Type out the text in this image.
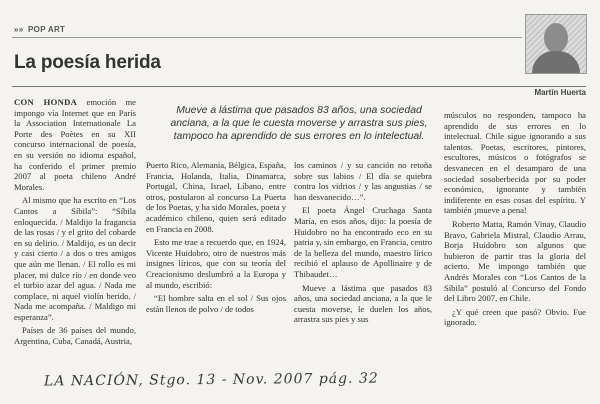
»» POP ART
La poesía herida
Martín Huerta

CON HONDA emoción me impongo vía Internet que en París la Association Internationale La Porte des Poètes en su XII concurso internacional de poesía, en su versión no idioma español, ha conferido el primer premio 2007 al poeta chileno André Morales.

Al mismo que ha escrito en “Los Cantos a Síbila”: “Síbila enloquecida. / Maldijo la fragancia de las rosas / y el grito del cobarde en su delirio. / Maldijo, es un decir y casi cierto / a dos o tres amigos que aún me llenan. / El rollo es mi placer, mi dulce río / en donde veo el turbio azar del agua. / Nada me complace, ni aquel violín herido. / Nada me acompaña. / Maldigo mi esperanza”.

Países de 36 países del mundo, Argentina, Cuba, Canadá, Austria,

Mueve a lástima que pasados 83 años, una sociedad anciana, a la que le cuesta moverse y arrastra sus pies, tampoco ha aprendido de sus errores en lo intelectual.

Puerto Rico, Alemania, Bélgica, España, Francia, Holanda, Italia, Dinamarca, Portugal, China, Israel, Líbano, entre otros, postularon al concurso La Puerta de los Poetas, y ha sido Morales, poeta y académico chileno, quien será editado en Francia en 2008.

Esto me trae a recuerdo que, en 1924, Vicente Huidobro, otro de nuestros más insignes líricos, que con su teoría del Creacionismo deslumbró a la Europa y al mundo, escribió:

“El hombre salta en el sol / Sus ojos están llenos de polvo / de todos

los caminos / y su canción no retoña sobre sus labios / El día se quiebra contra los vidrios / y las angustias / se han desvanecido…”.

El poeta Ángel Cruchaga Santa María, en esos años, dijo: la poesía de Huidobro no ha encontrado eco en su patria y, sin embargo, en Francia, centro de la belleza del mundo, maestro lírico recibió el aplauso de Apollinaire y de Thibaudet…

Mueve a lástima que pasados 83 años, una sociedad anciana, a la que le cuesta moverse, le duelen los años, arrastra sus pies y sus

músculos no responden, tampoco ha aprendido de sus errores en lo intelectual. Chile sigue ignorando a sus talentos. Poetas, escritores, pintores, escultores, músicos o fotógrafos se desvanecen en el desamparo de una sociedad sosoberbecida por su poder económico, ignorante y también indiferente en esas cosas del espíritu. Y también ¡mueve a pena!

Roberto Matta, Ramón Vinay, Claudio Bravo, Gabriela Mistral, Claudio Arrau, Borja Huidobro son algunos que hubieron de partir tras la gloria del acierto. Me impongo también que Andrés Morales con “Los Cantos de la Síbila” postuló al Concurso del Fondo del Libro 2007, en Chile.

¿Y qué creen que pasó? Obvio. Fue ignorado.

LA NACIÓN, Stgo. 13 - Nov. 2007 pág. 32
